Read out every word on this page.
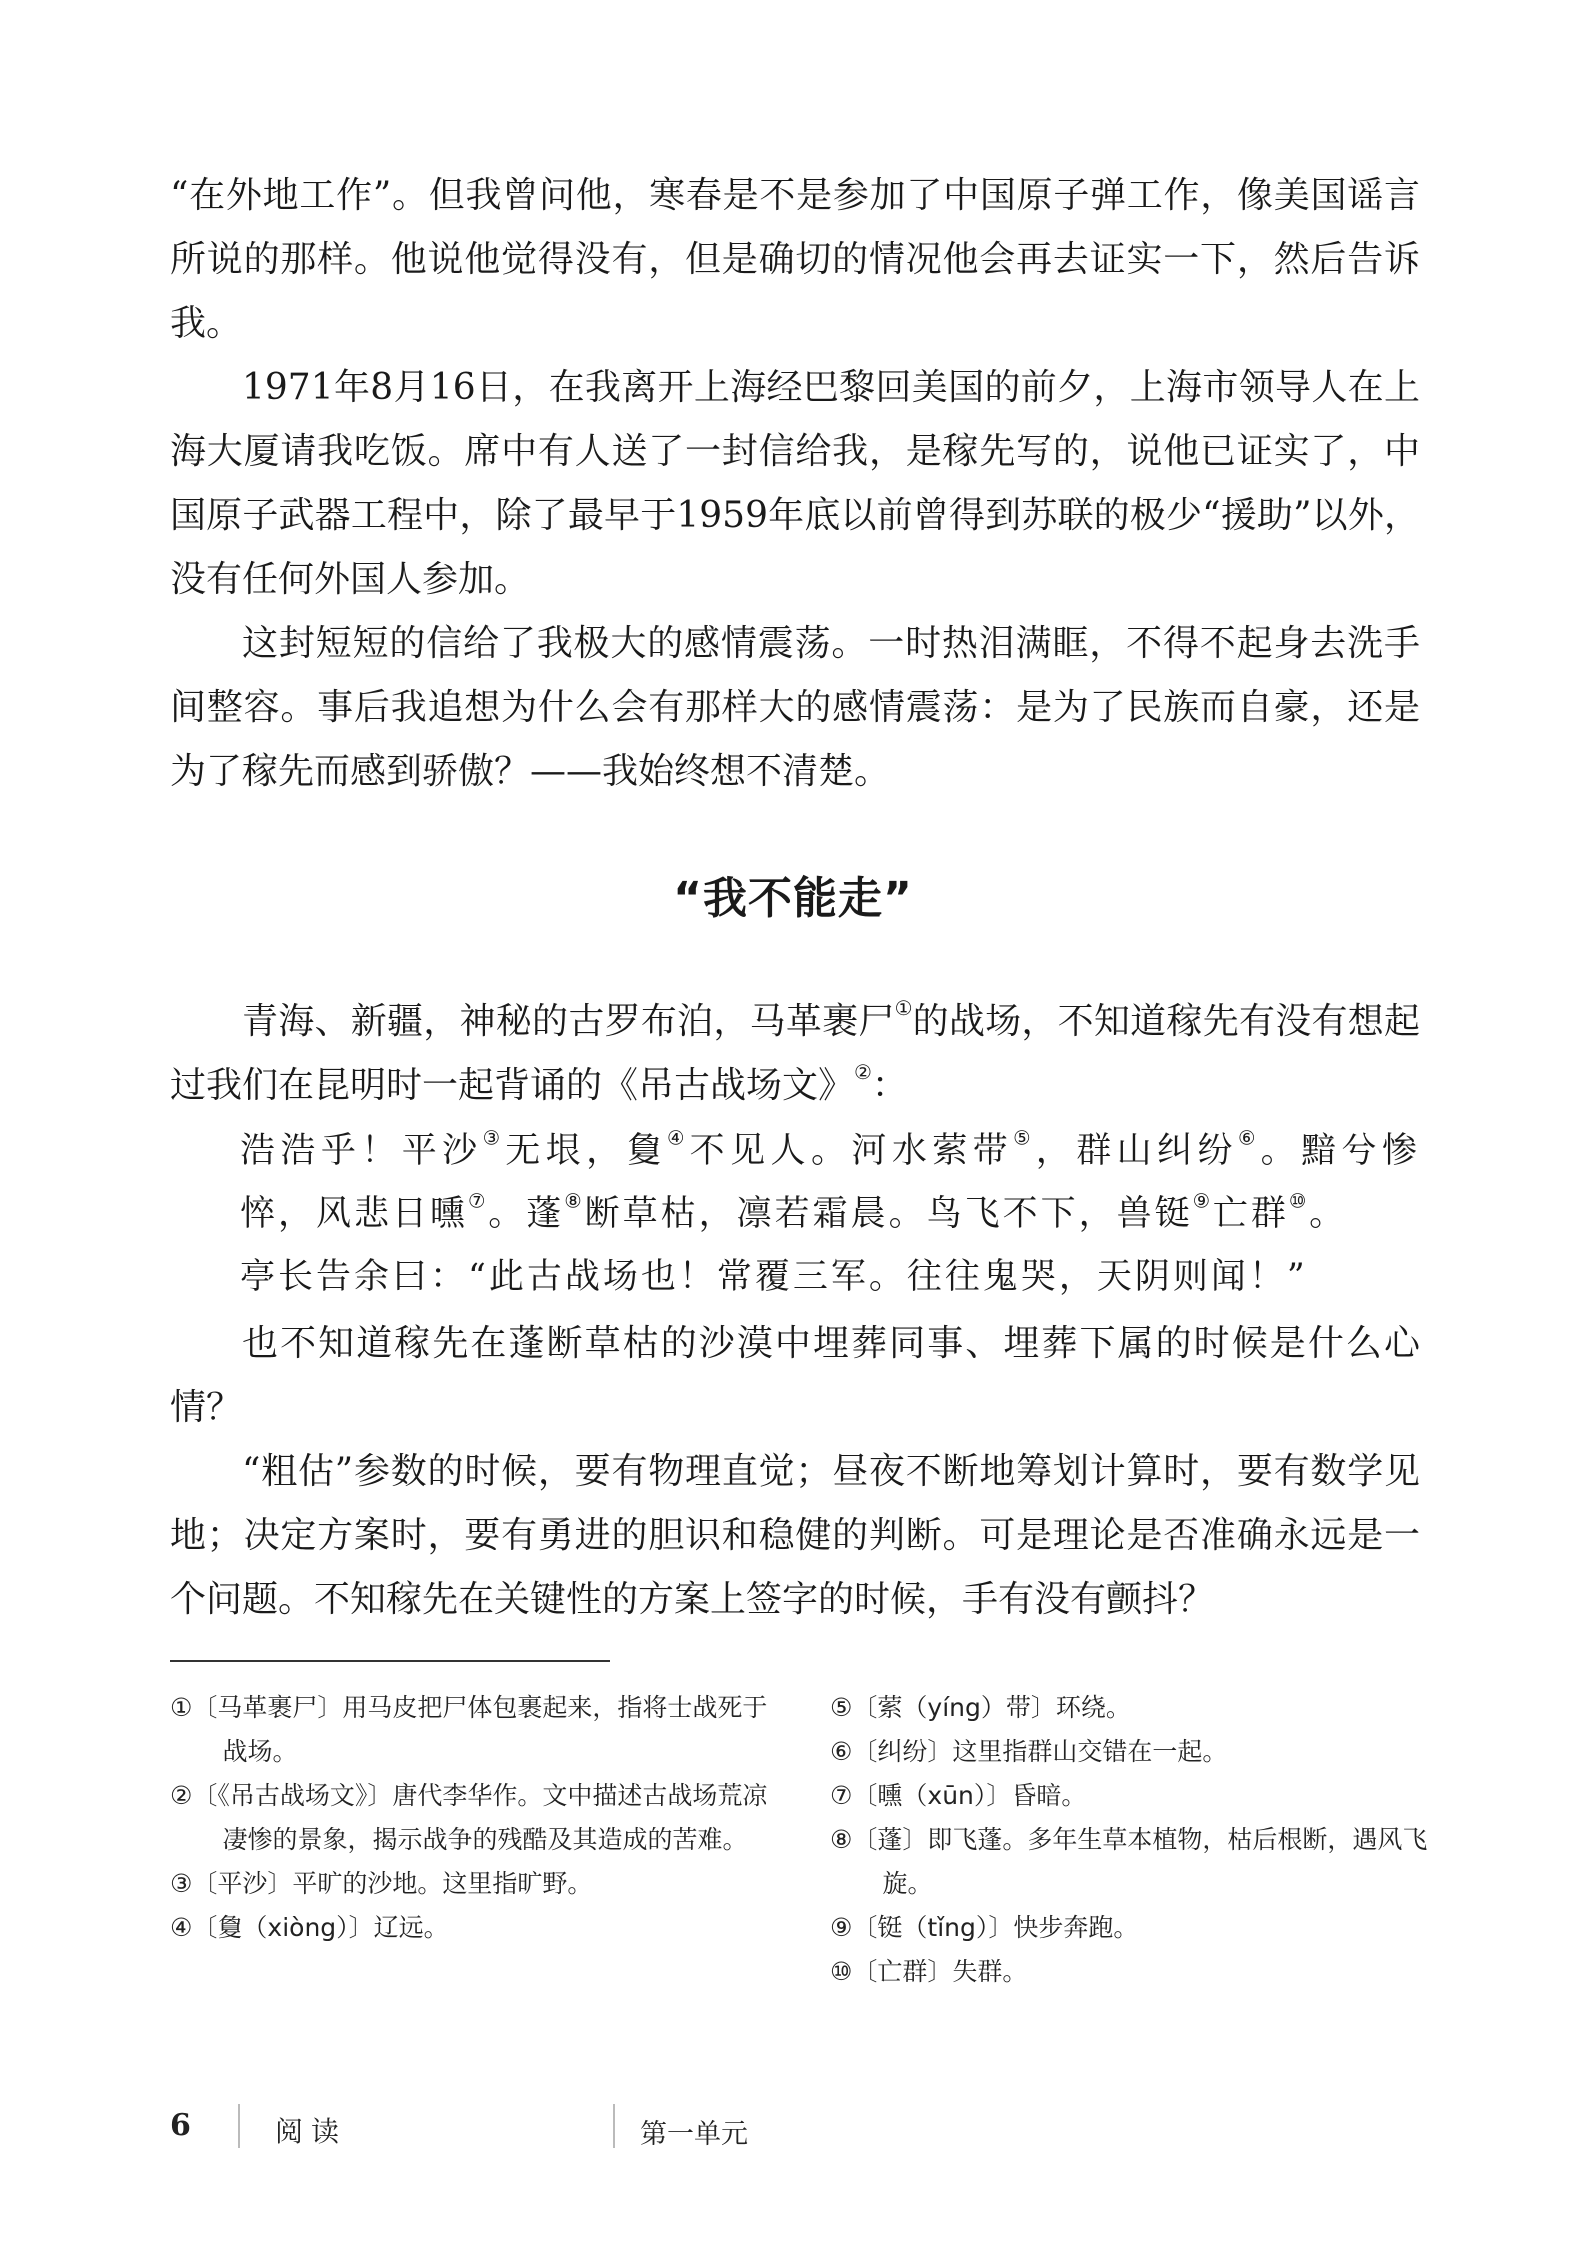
“在外地工作”。但我曾问他，寒春是不是参加了中国原子弹工作，像美国谣言所说的那样。他说他觉得没有，但是确切的情况他会再去证实一下，然后告诉我。

1971年8月16日，在我离开上海经巴黎回美国的前夕，上海市领导人在上海大厦请我吃饭。席中有人送了一封信给我，是稼先写的，说他已证实了，中国原子武器工程中，除了最早于1959年底以前曾得到苏联的极少“援助”以外，没有任何外国人参加。

这封短短的信给了我极大的感情震荡。一时热泪满眶，不得不起身去洗手间整容。事后我追想为什么会有那样大的感情震荡：是为了民族而自豪，还是为了稼先而感到骄傲？——我始终想不清楚。

“我不能走”

青海、新疆，神秘的古罗布泊，马革裹尸①的战场，不知道稼先有没有想起过我们在昆明时一起背诵的《吊古战场文》②：

浩浩乎！平沙③无垠，敻④不见人。河水萦带⑤，群山纠纷⑥。黯兮惨悴，风悲日曛⑦。蓬⑧断草枯，凛若霜晨。鸟飞不下，兽铤⑨亡群⑩。

亭长告余曰：“此古战场也！常覆三军。往往鬼哭，天阴则闻！”

也不知道稼先在蓬断草枯的沙漠中埋葬同事、埋葬下属的时候是什么心情？

“粗估”参数的时候，要有物理直觉；昼夜不断地筹划计算时，要有数学见地；决定方案时，要有勇进的胆识和稳健的判断。可是理论是否准确永远是一个问题。不知稼先在关键性的方案上签字的时候，手有没有颤抖？

①〔马革裹尸〕用马皮把尸体包裹起来，指将士战死于战场。

②〔《吊古战场文》〕唐代李华作。文中描述古战场荒凉凄惨的景象，揭示战争的残酷及其造成的苦难。

③〔平沙〕平旷的沙地。这里指旷野。

④〔敻（xiòng）〕辽远。

⑤〔萦（yíng）带〕环绕。

⑥〔纠纷〕这里指群山交错在一起。

⑦〔曛（xūn）〕昏暗。

⑧〔蓬〕即飞蓬。多年生草本植物，枯后根断，遇风飞旋。

⑨〔铤（tǐng）〕快步奔跑。

⑩〔亡群〕失群。

6	阅读	第一单元
